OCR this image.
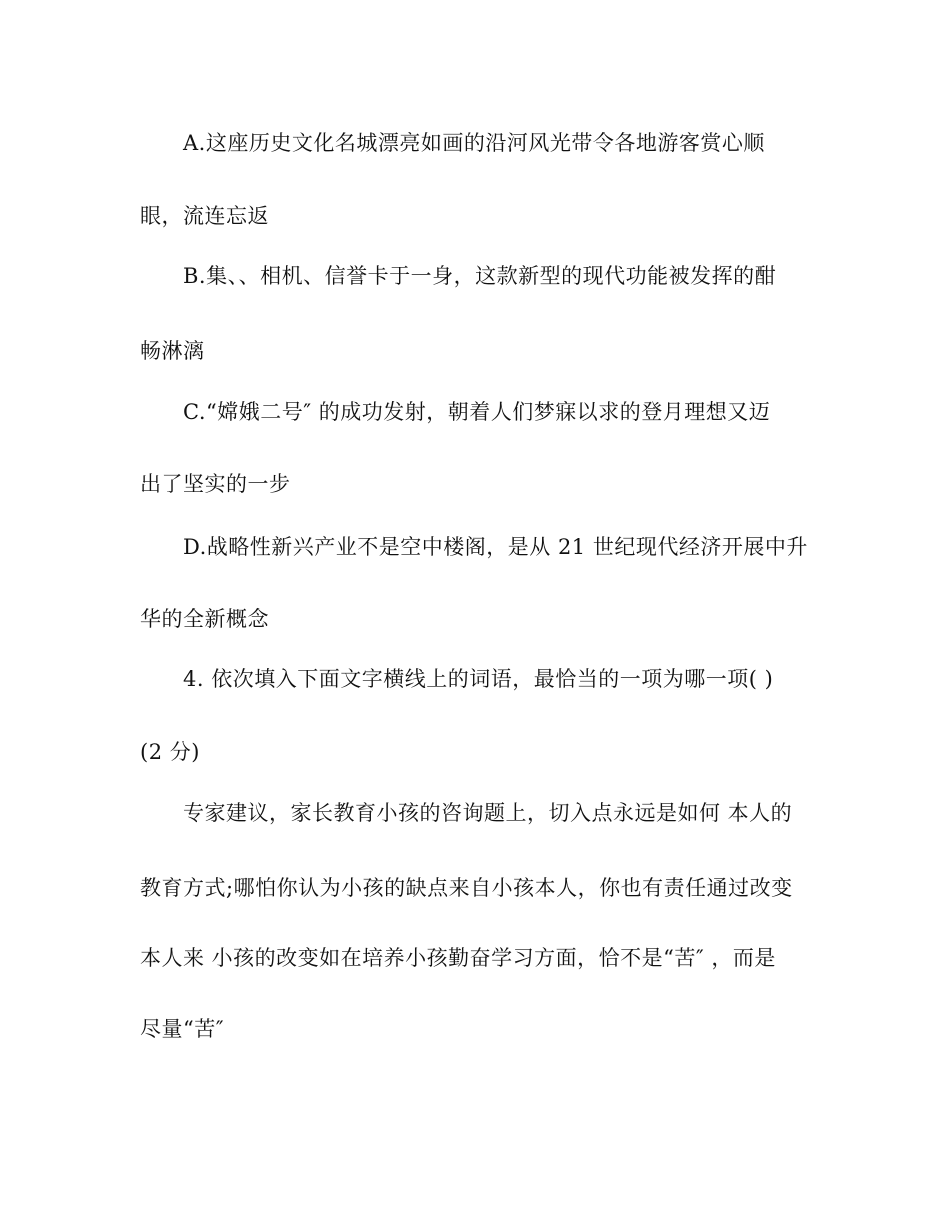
A.这座历史文化名城漂亮如画的沿河风光带令各地游客赏心顺
眼，流连忘返
B.集、、相机、信誉卡于一身，这款新型的现代功能被发挥的酣
畅淋漓
C.“嫦娥二号″ 的成功发射，朝着人们梦寐以求的登月理想又迈
出了坚实的一步
D.战略性新兴产业不是空中楼阁，是从 21 世纪现代经济开展中升
华的全新概念
4. 依次填入下面文字横线上的词语，最恰当的一项为哪一项( )
(2 分)
专家建议，家长教育小孩的咨询题上，切入点永远是如何 本人的
教育方式;哪怕你认为小孩的缺点来自小孩本人，你也有责任通过改变
本人来 小孩的改变如在培养小孩勤奋学习方面，恰不是“苦″ ，而是
尽量“苦″
